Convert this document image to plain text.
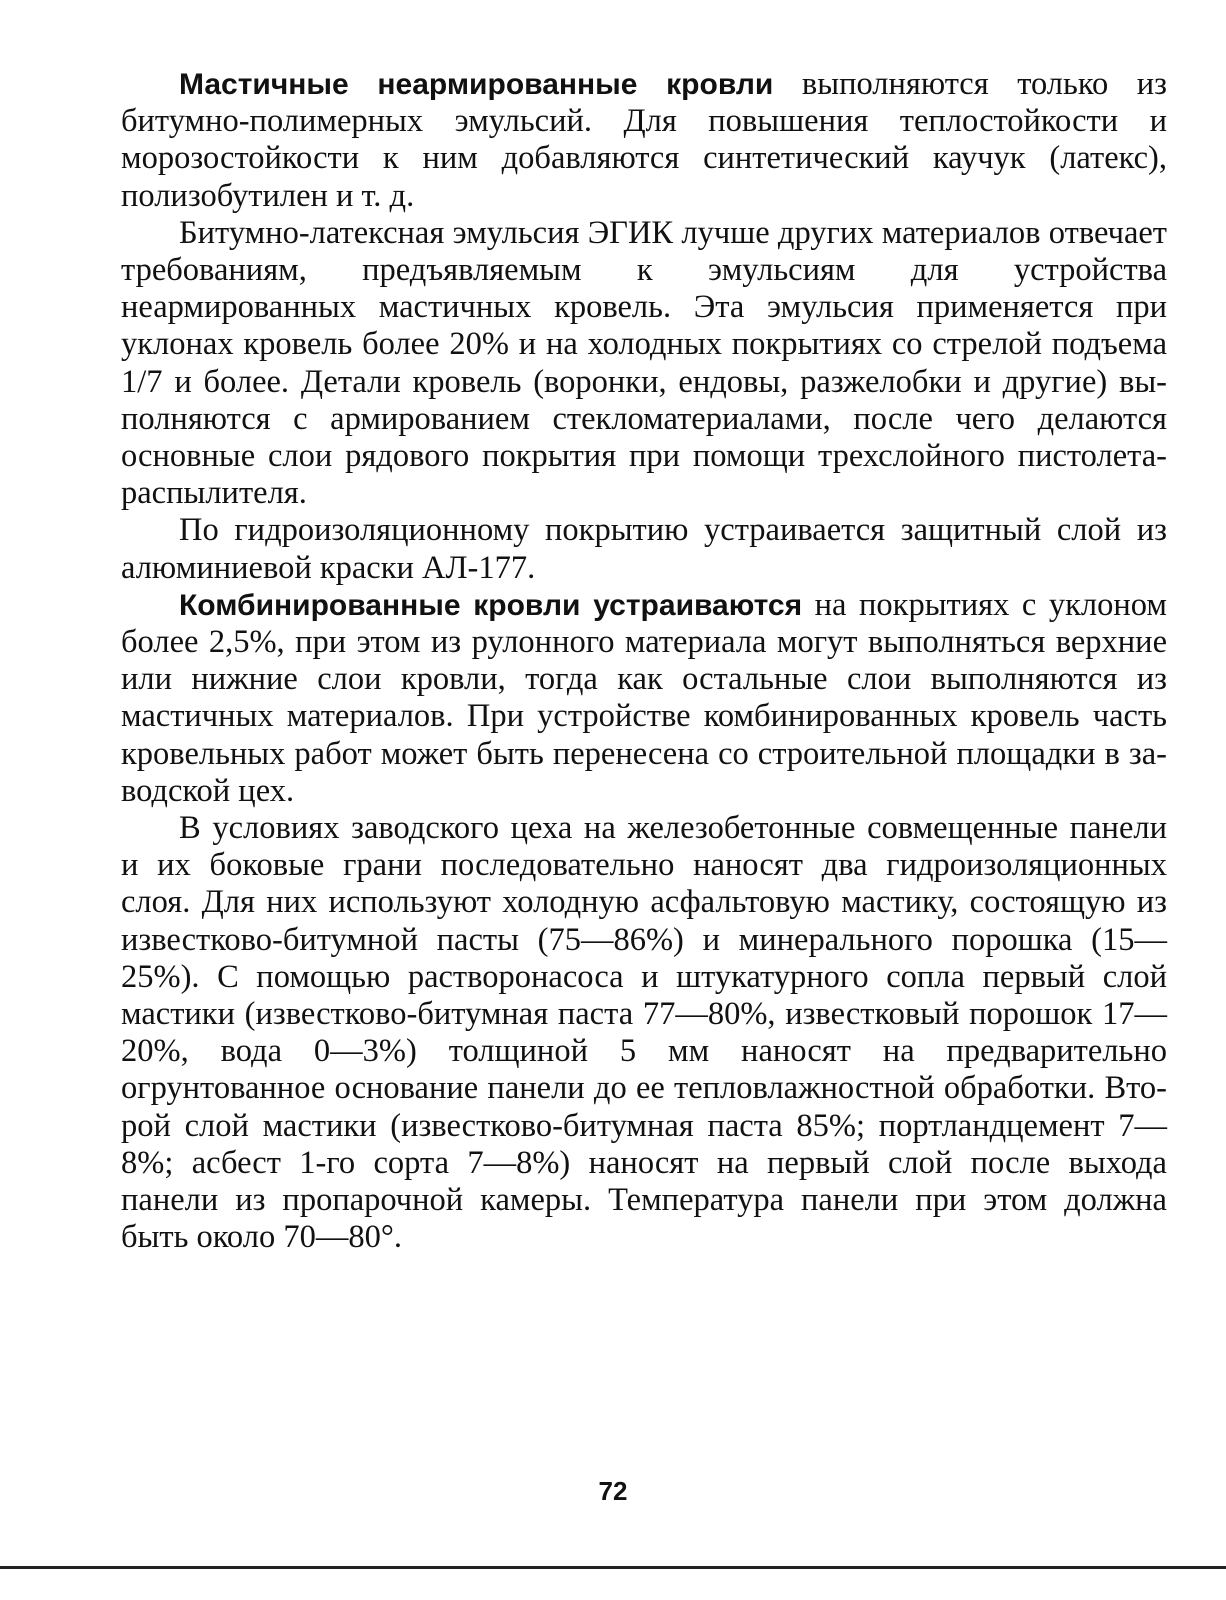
Мастичные неармированные кровли выполняются только из битумно-полимерных эмульсий. Для повышения теплостойкости и морозостойкости к ним добавляются синтетический каучук (латекс), полизобутилен и т. д.

Битумно-латексная эмульсия ЭГИК лучше других материалов отвечает требованиям, предъявляемым к эмульсиям для устройства неармированных мастичных кровель. Эта эмульсия применяется при уклонах кровель более 20% и на холодных покрытиях со стрелой подъема 1/7 и более. Детали кровель (воронки, ендовы, разжелобки и другие) выполняются с армированием стекломатериалами, после чего делаются основные слои рядового покрытия при помощи трехслойного пистолета-распылителя.

По гидроизоляционному покрытию устраивается защитный слой из алюминиевой краски АЛ-177.

Комбинированные кровли устраиваются на покрытиях с уклоном более 2,5%, при этом из рулонного материала могут выполняться верхние или нижние слои кровли, тогда как остальные слои выполняются из мастичных материалов. При устройстве комбинированных кровель часть кровельных работ может быть перенесена со строительной площадки в заводской цех.

В условиях заводского цеха на железобетонные совмещенные панели и их боковые грани последовательно наносят два гидроизоляционных слоя. Для них используют холодную асфальтовую мастику, состоящую из известково-битумной пасты (75—86%) и минерального порошка (15—25%). С помощью растворонасоса и штукатурного сопла первый слой мастики (известково-битумная паста 77—80%, известковый порошок 17—20%, вода 0—3%) толщиной 5 мм наносят на предварительно огрунтованное основание панели до ее тепловлажностной обработки. Второй слой мастики (известково-битумная паста 85%; портландцемент 7—8%; асбест 1-го сорта 7—8%) наносят на первый слой после выхода панели из пропарочной камеры. Температура панели при этом должна быть около 70—80°.

72
